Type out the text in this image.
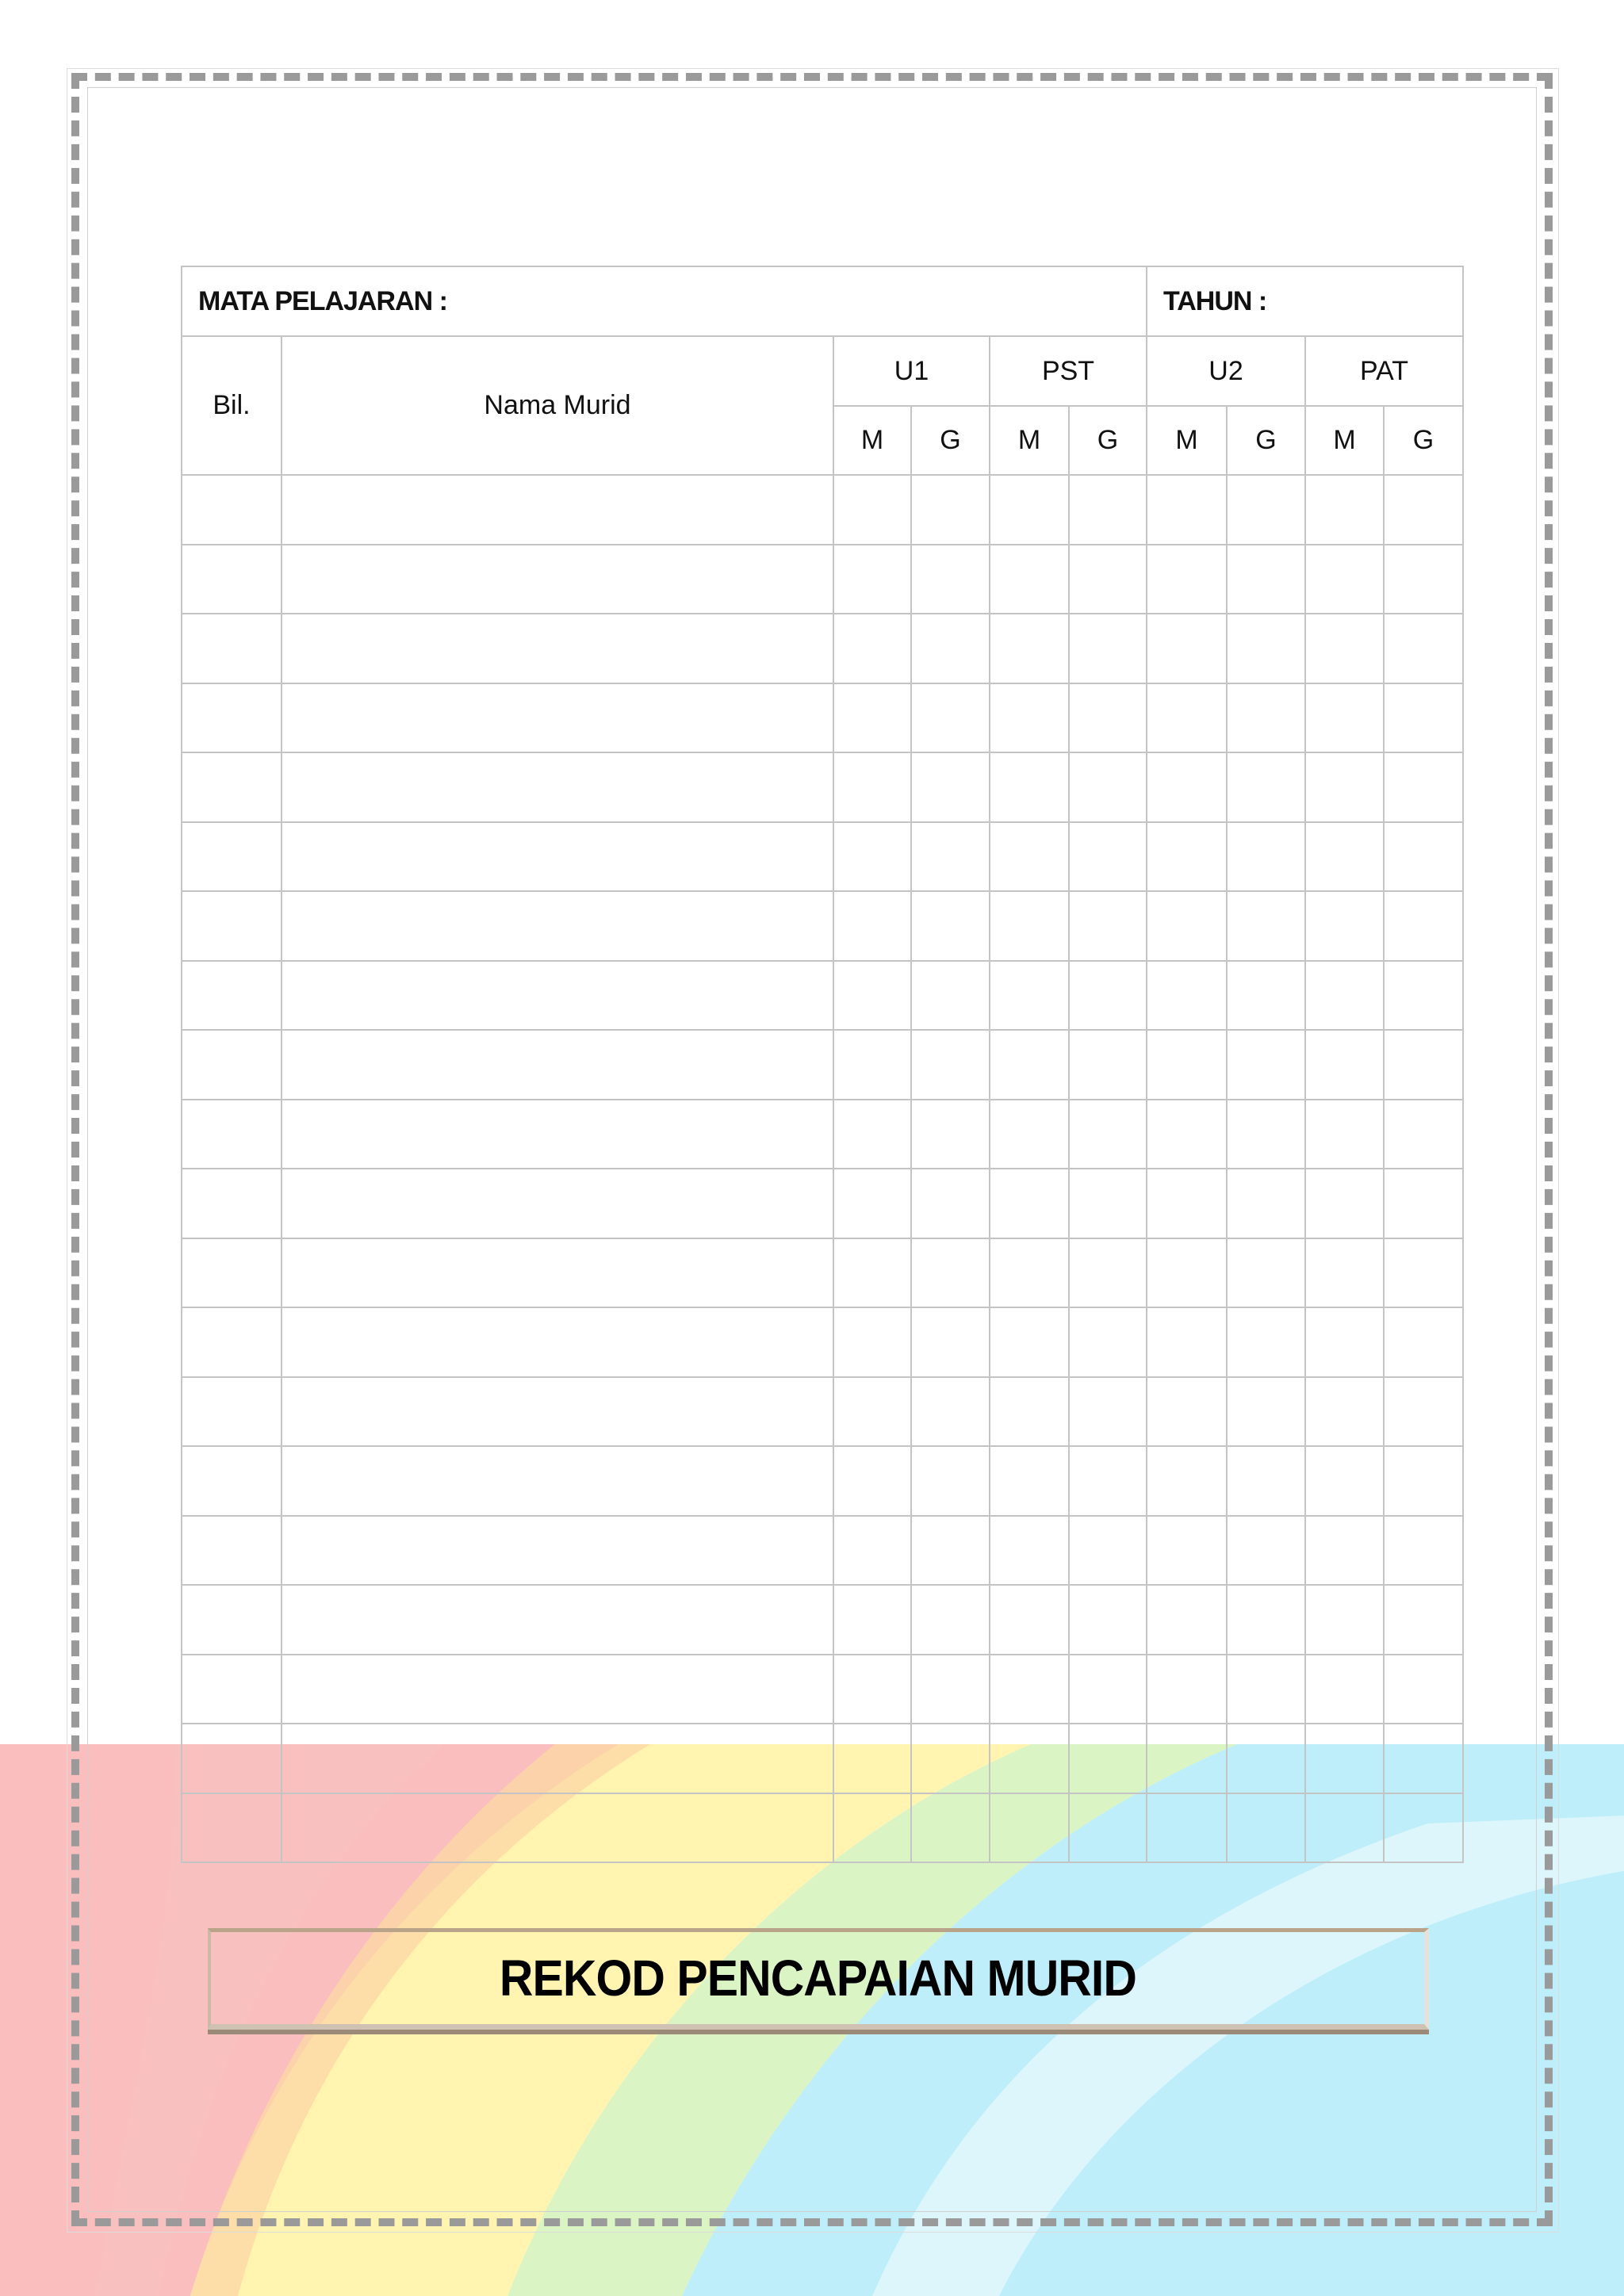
MATA PELAJARAN :						TAHUN :			
Bil.	Nama Murid	U1		PST		U2		PAT	
		M	G	M	G	M	G	M	G

REKOD PENCAPAIAN MURID
